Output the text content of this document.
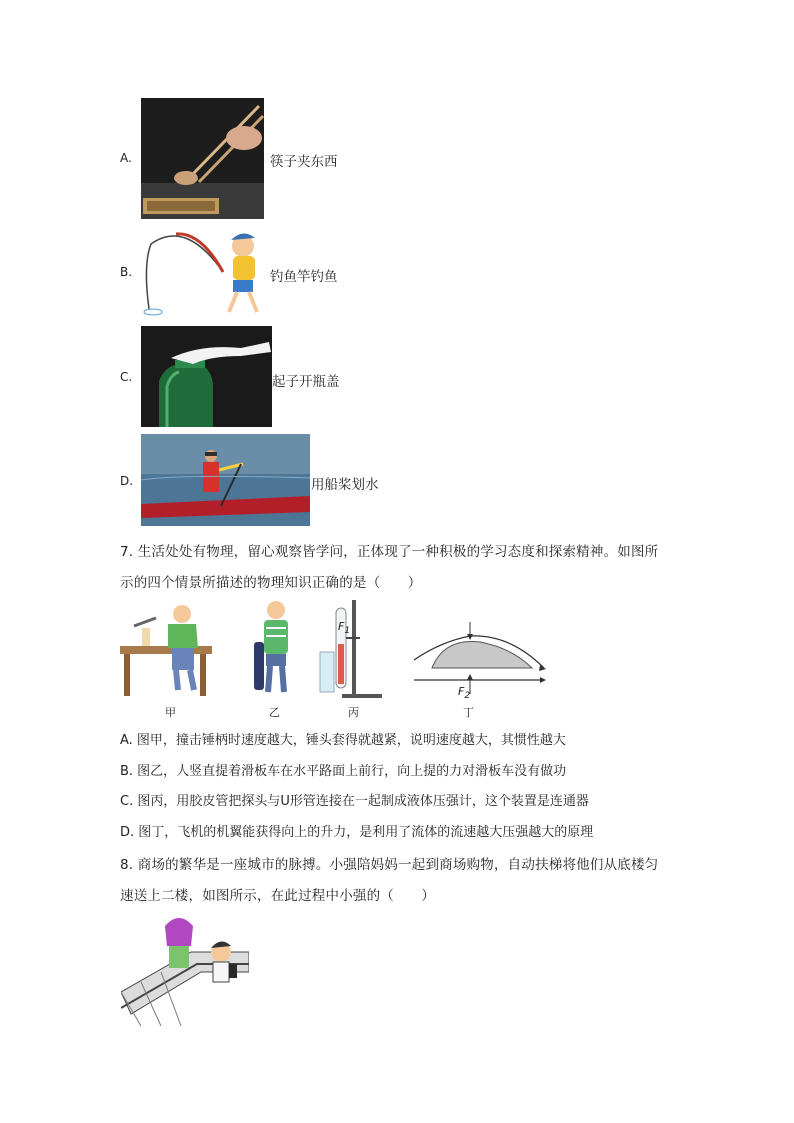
A.	筷子夹东西
B.	钓鱼竿钓鱼
C.	起子开瓶盖
D.	用船桨划水
7. 生活处处有物理，留心观察皆学问，正体现了一种积极的学习态度和探索精神。如图所
示的四个情景所描述的物理知识正确的是（　　）
$F_1$
$F_2$
甲	乙	丙	丁
A. 图甲，撞击锤柄时速度越大，锤头套得就越紧，说明速度越大，其惯性越大
B. 图乙，人竖直提着滑板车在水平路面上前行，向上提的力对滑板车没有做功
C. 图丙，用胶皮管把探头与U形管连接在一起制成液体压强计，这个装置是连通器
D. 图丁，飞机的机翼能获得向上的升力，是利用了流体的流速越大压强越大的原理
8. 商场的繁华是一座城市的脉搏。小强陪妈妈一起到商场购物，自动扶梯将他们从底楼匀
速送上二楼，如图所示，在此过程中小强的（　　）
